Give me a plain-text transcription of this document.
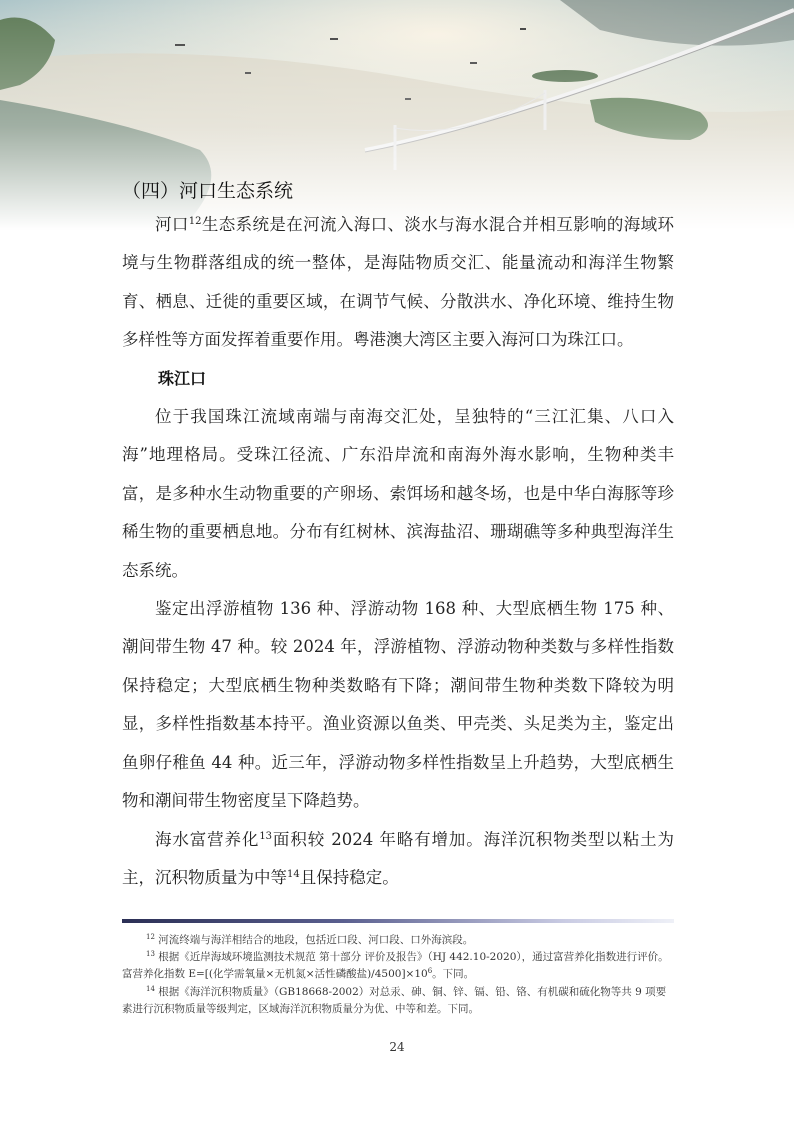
（四）河口生态系统

河口$^{12}$生态系统是在河流入海口、淡水与海水混合并相互影响的海域环境与生物群落组成的统一整体，是海陆物质交汇、能量流动和海洋生物繁育、栖息、迁徙的重要区域，在调节气候、分散洪水、净化环境、维持生物多样性等方面发挥着重要作用。粤港澳大湾区主要入海河口为珠江口。

珠江口

位于我国珠江流域南端与南海交汇处，呈独特的“三江汇集、八口入海”地理格局。受珠江径流、广东沿岸流和南海外海水影响，生物种类丰富，是多种水生动物重要的产卵场、索饵场和越冬场，也是中华白海豚等珍稀生物的重要栖息地。分布有红树林、滨海盐沼、珊瑚礁等多种典型海洋生态系统。

鉴定出浮游植物 136 种、浮游动物 168 种、大型底栖生物 175 种、潮间带生物 47 种。较 2024 年，浮游植物、浮游动物种类数与多样性指数保持稳定；大型底栖生物种类数略有下降；潮间带生物种类数下降较为明显，多样性指数基本持平。渔业资源以鱼类、甲壳类、头足类为主，鉴定出鱼卵仔稚鱼 44 种。近三年，浮游动物多样性指数呈上升趋势，大型底栖生物和潮间带生物密度呈下降趋势。

海水富营养化$^{13}$面积较 2024 年略有增加。海洋沉积物类型以粘土为主，沉积物质量为中等$^{14}$且保持稳定。

$^{12}$ 河流终端与海洋相结合的地段，包括近口段、河口段、口外海滨段。
$^{13}$ 根据《近岸海域环境监测技术规范 第十部分 评价及报告》（HJ 442.10-2020），通过富营养化指数进行评价。富营养化指数 E=[(化学需氧量×无机氮×活性磷酸盐)$/4500]\times 10^6$。下同。
$^{14}$ 根据《海洋沉积物质量》（GB18668-2002）对总汞、砷、铜、锌、镉、铅、铬、有机碳和硫化物等共 9 项要素进行沉积物质量等级判定，区域海洋沉积物质量分为优、中等和差。下同。
24
